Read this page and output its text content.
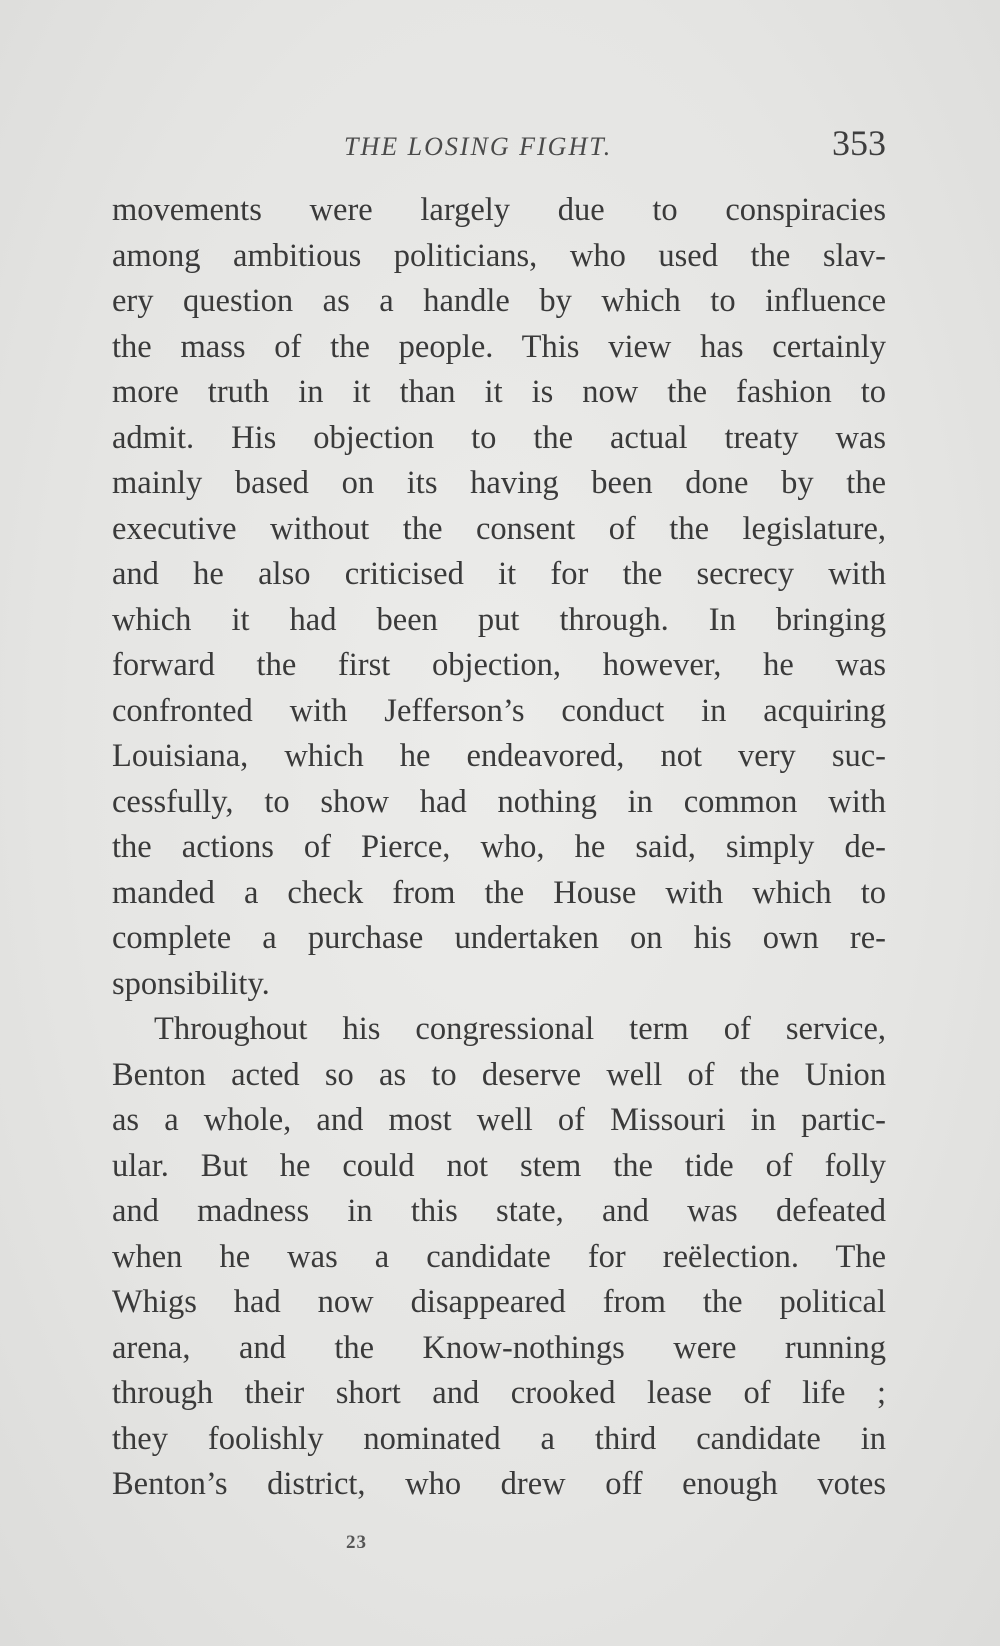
THE LOSING FIGHT.	353
movements were largely due to conspiracies
among ambitious politicians, who used the slav-
ery question as a handle by which to influence
the mass of the people. This view has certainly
more truth in it than it is now the fashion to
admit. His objection to the actual treaty was
mainly based on its having been done by the
executive without the consent of the legislature,
and he also criticised it for the secrecy with
which it had been put through. In bringing
forward the first objection, however, he was
confronted with Jefferson’s conduct in acquiring
Louisiana, which he endeavored, not very suc-
cessfully, to show had nothing in common with
the actions of Pierce, who, he said, simply de-
manded a check from the House with which to
complete a purchase undertaken on his own re-
sponsibility.
Throughout his congressional term of service,
Benton acted so as to deserve well of the Union
as a whole, and most well of Missouri in partic-
ular. But he could not stem the tide of folly
and madness in this state, and was defeated
when he was a candidate for reëlection. The
Whigs had now disappeared from the political
arena, and the Know-nothings were running
through their short and crooked lease of life ;
they foolishly nominated a third candidate in
Benton’s district, who drew off enough votes
23
